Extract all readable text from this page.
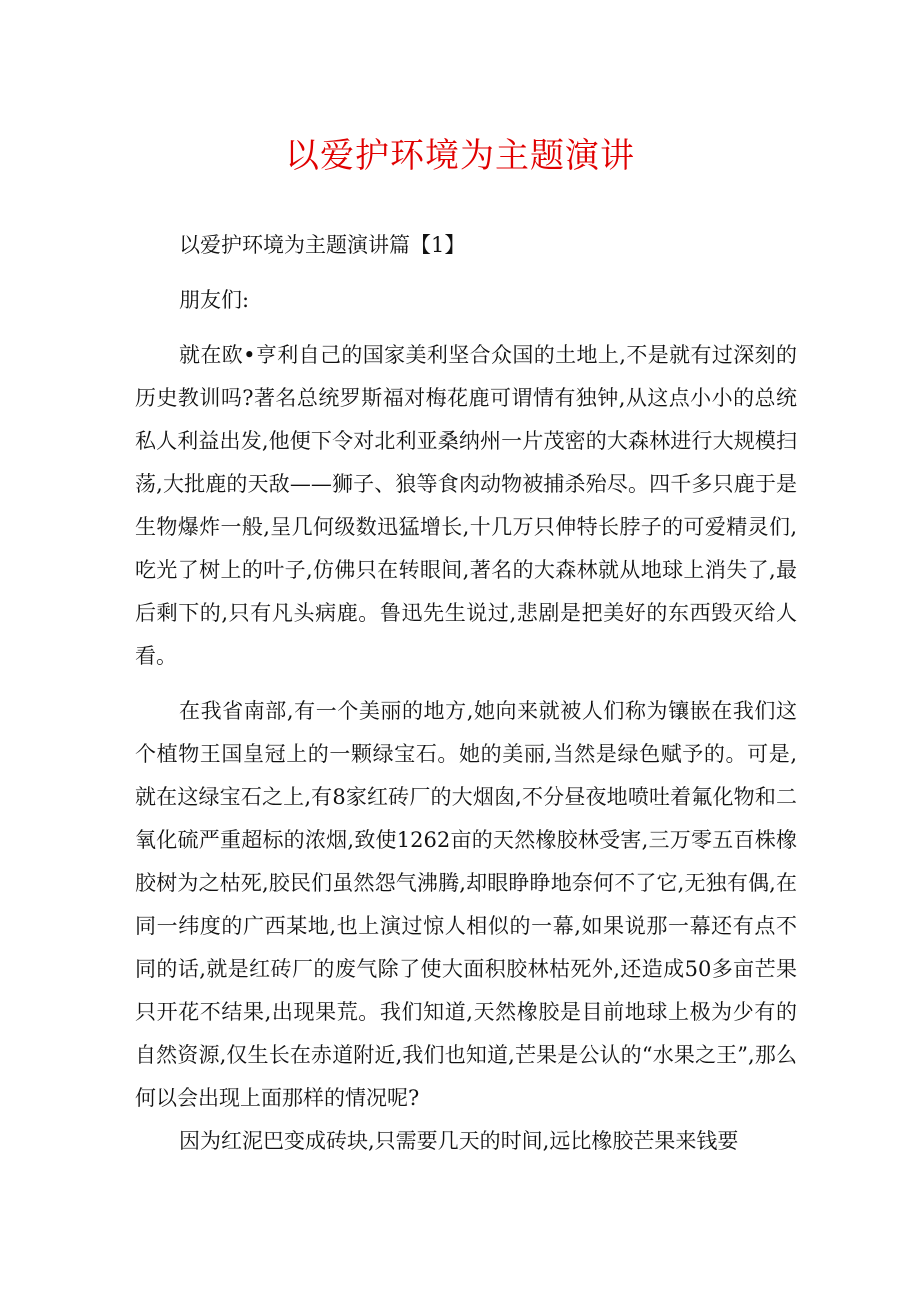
以爱护环境为主题演讲

以爱护环境为主题演讲篇【1】

朋友们:

就在欧•亨利自己的国家美利坚合众国的土地上,不是就有过深刻的历史教训吗?著名总统罗斯福对梅花鹿可谓情有独钟,从这点小小的总统私人利益出发,他便下令对北利亚桑纳州一片茂密的大森林进行大规模扫荡,大批鹿的天敌——狮子、狼等食肉动物被捕杀殆尽。四千多只鹿于是生物爆炸一般,呈几何级数迅猛增长,十几万只伸特长脖子的可爱精灵们,吃光了树上的叶子,仿佛只在转眼间,著名的大森林就从地球上消失了,最后剩下的,只有凡头病鹿。鲁迅先生说过,悲剧是把美好的东西毁灭给人看。

在我省南部,有一个美丽的地方,她向来就被人们称为镶嵌在我们这个植物王国皇冠上的一颗绿宝石。她的美丽,当然是绿色赋予的。可是,就在这绿宝石之上,有8家红砖厂的大烟囱,不分昼夜地喷吐着氟化物和二氧化硫严重超标的浓烟,致使1262亩的天然橡胶林受害,三万零五百株橡胶树为之枯死,胶民们虽然怨气沸腾,却眼睁睁地奈何不了它,无独有偶,在同一纬度的广西某地,也上演过惊人相似的一幕,如果说那一幕还有点不同的话,就是红砖厂的废气除了使大面积胶林枯死外,还造成50多亩芒果只开花不结果,出现果荒。我们知道,天然橡胶是目前地球上极为少有的自然资源,仅生长在赤道附近,我们也知道,芒果是公认的“水果之王”,那么何以会出现上面那样的情况呢?

因为红泥巴变成砖块,只需要几天的时间,远比橡胶芒果来钱要
